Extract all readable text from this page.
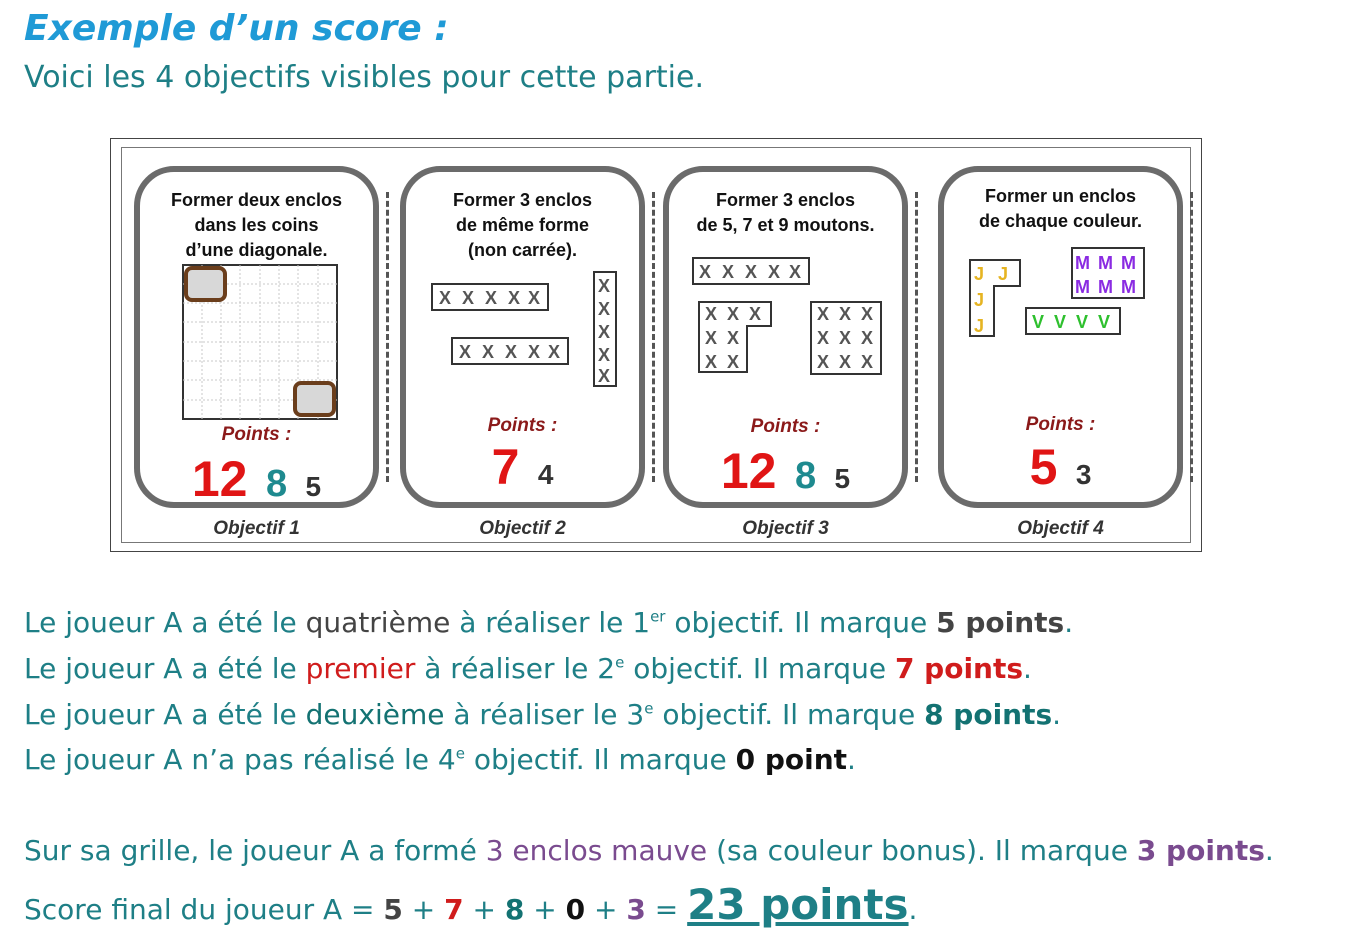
Exemple d’un score :
Voici les 4 objectifs visibles pour cette partie.
Former deux enclos
dans les coins
d’une diagonale.
Points :
12 8 5
Objectif 1
Former 3 enclos
de même forme
(non carrée).
X X X X X
X X X X X
X
X
X
X
X
Points :
7 4
Objectif 2
Former 3 enclos
de 5, 7 et 9 moutons.
X X X X X
X X X
X X
X X
X X X
X X X
X X X
Points :
12 8 5
Objectif 3
Former un enclos
de chaque couleur.
J J
J
J
M M M
M M M
V V V V
Points :
5 3
Objectif 4
Le joueur A a été le quatrième à réaliser le 1er objectif. Il marque 5 points.
Le joueur A a été le premier à réaliser le 2e objectif. Il marque 7 points.
Le joueur A a été le deuxième à réaliser le 3e objectif. Il marque 8 points.
Le joueur A n’a pas réalisé le 4e objectif. Il marque 0 point.
Sur sa grille, le joueur A a formé 3 enclos mauve (sa couleur bonus). Il marque 3 points.
Score final du joueur A = 5 + 7 + 8 + 0 + 3 = 23 points.
